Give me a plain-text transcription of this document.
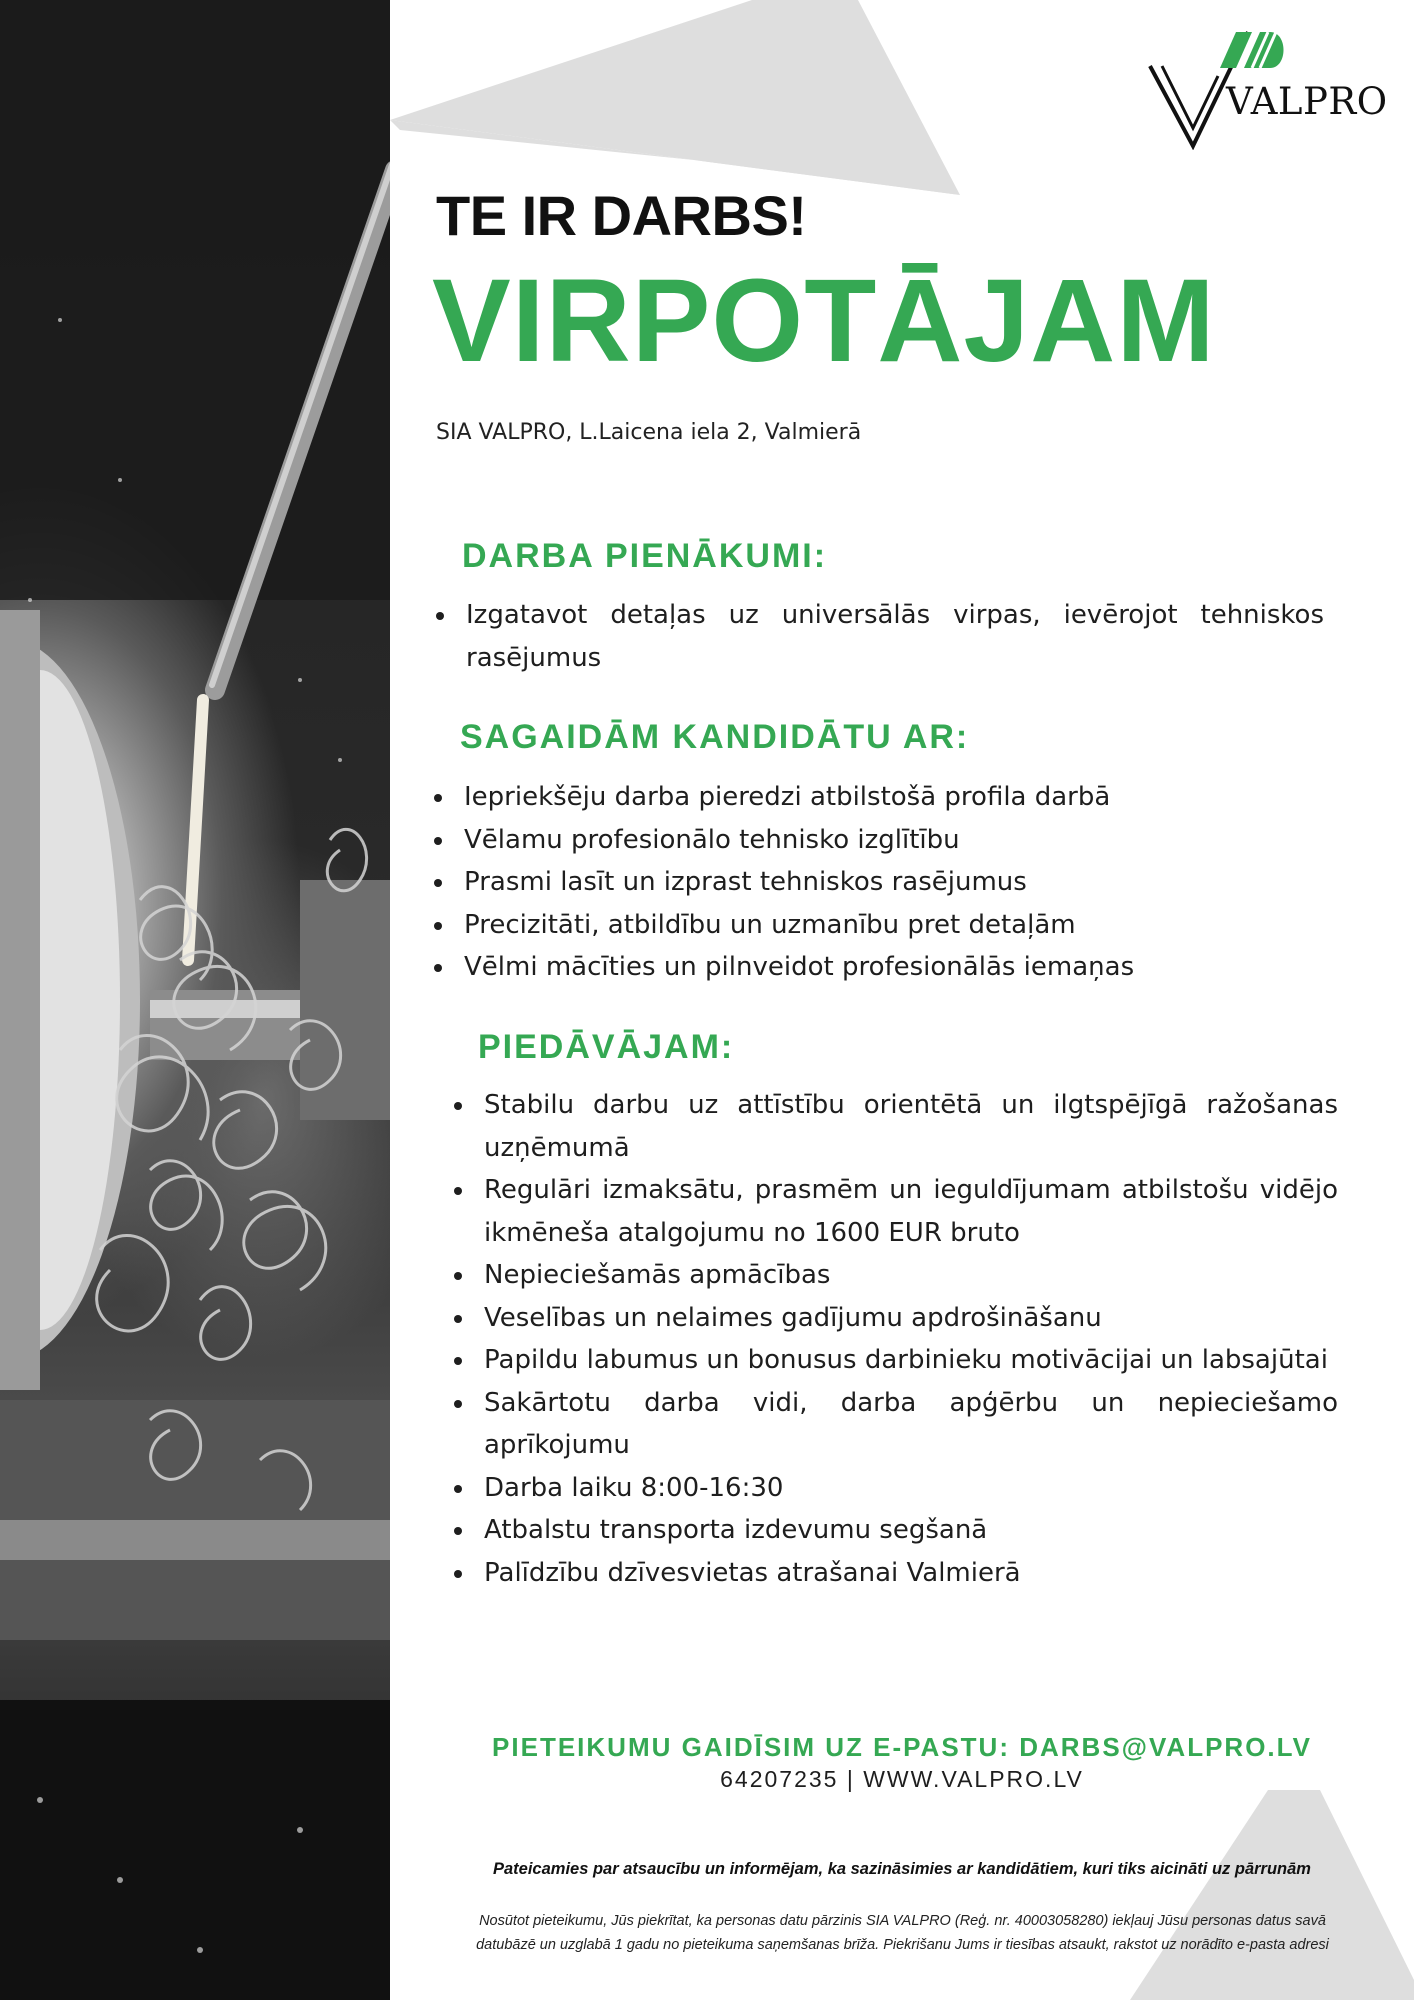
VALPRO
TE IR DARBS!
VIRPOTĀJAM
SIA VALPRO, L.Laicena iela 2, Valmierā
DARBA PIENĀKUMI:
Izgatavot detaļas uz universālās virpas, ievērojot tehniskos rasējumus
SAGAIDĀM KANDIDĀTU AR:
Iepriekšēju darba pieredzi atbilstošā profila darbā
Vēlamu profesionālo tehnisko izglītību
Prasmi lasīt un izprast tehniskos rasējumus
Precizitāti, atbildību un uzmanību pret detaļām
Vēlmi mācīties un pilnveidot profesionālās iemaņas
PIEDĀVĀJAM:
Stabilu darbu uz attīstību orientētā un ilgtspējīgā ražošanas uzņēmumā
Regulāri izmaksātu, prasmēm un ieguldījumam atbilstošu vidējo ikmēneša atalgojumu no 1600 EUR bruto
Nepieciešamās apmācības
Veselības un nelaimes gadījumu apdrošināšanu
Papildu labumus un bonusus darbinieku motivācijai un labsajūtai
Sakārtotu darba vidi, darba apģērbu un nepieciešamo aprīkojumu
Darba laiku 8:00-16:30
Atbalstu transporta izdevumu segšanā
Palīdzību dzīvesvietas atrašanai Valmierā
PIETEIKUMU GAIDĪSIM UZ E-PASTU: DARBS@VALPRO.LV
64207235 | WWW.VALPRO.LV
Pateicamies par atsaucību un informējam, ka sazināsimies ar kandidātiem, kuri tiks aicināti uz pārrunām
Nosūtot pieteikumu, Jūs piekrītat, ka personas datu pārzinis SIA VALPRO (Reģ. nr. 40003058280) iekļauj Jūsu personas datus savā
datubāzē un uzglabā 1 gadu no pieteikuma saņemšanas brīža. Piekrišanu Jums ir tiesības atsaukt, rakstot uz norādīto e-pasta adresi
